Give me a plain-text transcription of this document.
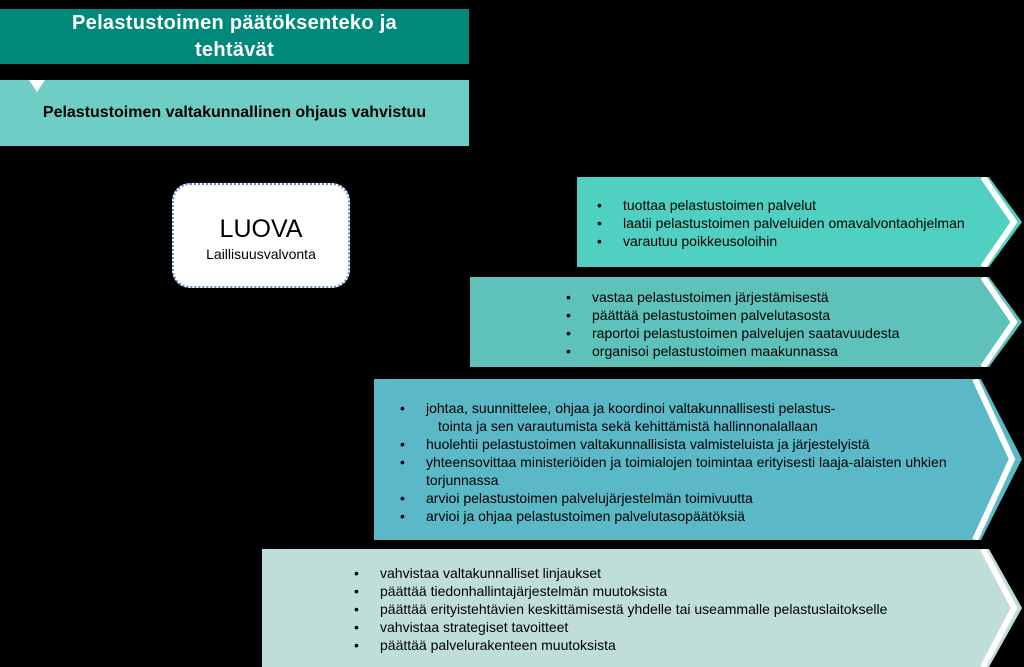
Pelastustoimen päätöksenteko ja
tehtävät
Pelastustoimen valtakunnallinen ohjaus vahvistuu
LUOVA
Laillisuusvalvonta
• tuottaa pelastustoimen palvelut
• laatii pelastustoimen palveluiden omavalvontaohjelman
• varautuu poikkeusoloihin
• vastaa pelastustoimen järjestämisestä
• päättää pelastustoimen palvelutasosta
• raportoi pelastustoimen palvelujen saatavuudesta
• organisoi pelastustoimen maakunnassa
• johtaa, suunnittelee, ohjaa ja koordinoi valtakunnallisesti pelastus-
tointa ja sen varautumista sekä kehittämistä hallinnonalallaan
• huolehtii pelastustoimen valtakunnallisista valmisteluista ja järjestelyistä
• yhteensovittaa ministeriöiden ja toimialojen toimintaa erityisesti laaja-alaisten uhkien
torjunnassa
• arvioi pelastustoimen palvelujärjestelmän toimivuutta
• arvioi ja ohjaa pelastustoimen palvelutasopäätöksiä
• vahvistaa valtakunnalliset linjaukset
• päättää tiedonhallintajärjestelmän muutoksista
• päättää erityistehtävien keskittämisestä yhdelle tai useammalle pelastuslaitokselle
• vahvistaa strategiset tavoitteet
• päättää palvelurakenteen muutoksista
